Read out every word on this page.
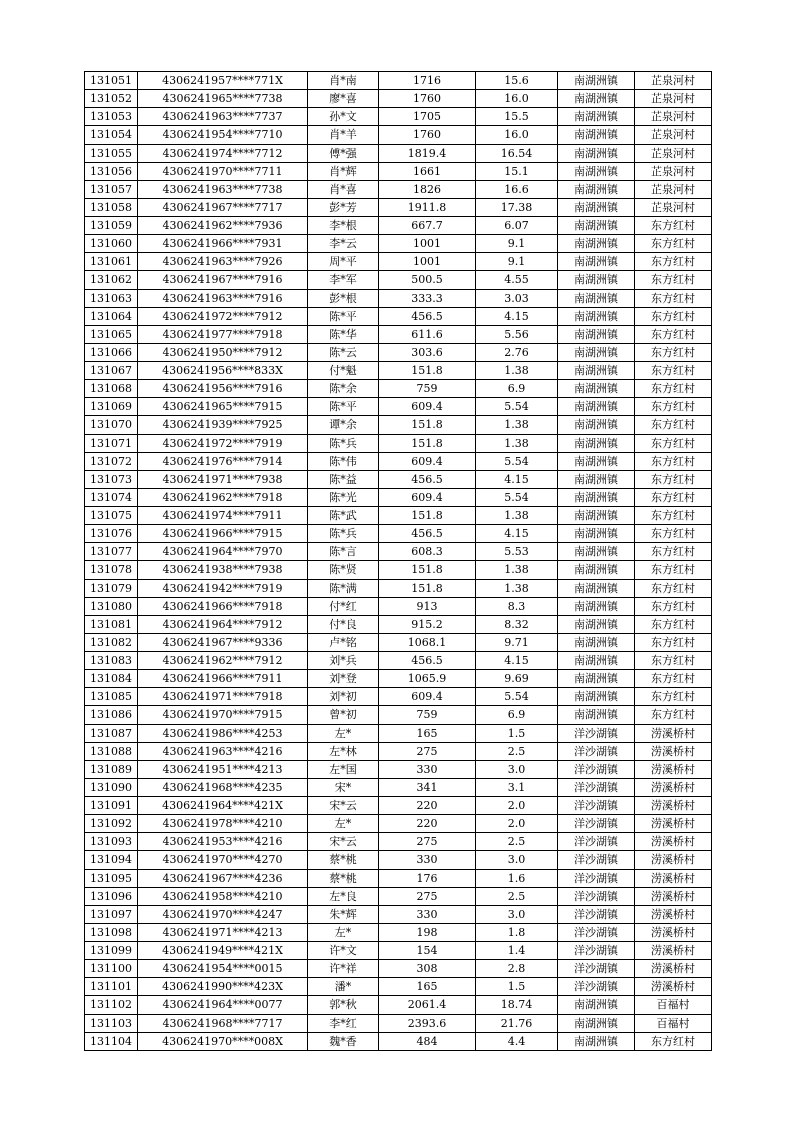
131051	4306241957****771X	肖*南	1716	15.6	南湖洲镇	芷泉河村
131052	4306241965****7738	廖*喜	1760	16.0	南湖洲镇	芷泉河村
131053	4306241963****7737	孙*文	1705	15.5	南湖洲镇	芷泉河村
131054	4306241954****7710	肖*羊	1760	16.0	南湖洲镇	芷泉河村
131055	4306241974****7712	傅*强	1819.4	16.54	南湖洲镇	芷泉河村
131056	4306241970****7711	肖*辉	1661	15.1	南湖洲镇	芷泉河村
131057	4306241963****7738	肖*喜	1826	16.6	南湖洲镇	芷泉河村
131058	4306241967****7717	彭*芳	1911.8	17.38	南湖洲镇	芷泉河村
131059	4306241962****7936	李*根	667.7	6.07	南湖洲镇	东方红村
131060	4306241966****7931	李*云	1001	9.1	南湖洲镇	东方红村
131061	4306241963****7926	周*平	1001	9.1	南湖洲镇	东方红村
131062	4306241967****7916	李*军	500.5	4.55	南湖洲镇	东方红村
131063	4306241963****7916	彭*根	333.3	3.03	南湖洲镇	东方红村
131064	4306241972****7912	陈*平	456.5	4.15	南湖洲镇	东方红村
131065	4306241977****7918	陈*华	611.6	5.56	南湖洲镇	东方红村
131066	4306241950****7912	陈*云	303.6	2.76	南湖洲镇	东方红村
131067	4306241956****833X	付*魁	151.8	1.38	南湖洲镇	东方红村
131068	4306241956****7916	陈*余	759	6.9	南湖洲镇	东方红村
131069	4306241965****7915	陈*平	609.4	5.54	南湖洲镇	东方红村
131070	4306241939****7925	谭*余	151.8	1.38	南湖洲镇	东方红村
131071	4306241972****7919	陈*兵	151.8	1.38	南湖洲镇	东方红村
131072	4306241976****7914	陈*伟	609.4	5.54	南湖洲镇	东方红村
131073	4306241971****7938	陈*益	456.5	4.15	南湖洲镇	东方红村
131074	4306241962****7918	陈*光	609.4	5.54	南湖洲镇	东方红村
131075	4306241974****7911	陈*武	151.8	1.38	南湖洲镇	东方红村
131076	4306241966****7915	陈*兵	456.5	4.15	南湖洲镇	东方红村
131077	4306241964****7970	陈*言	608.3	5.53	南湖洲镇	东方红村
131078	4306241938****7938	陈*贤	151.8	1.38	南湖洲镇	东方红村
131079	4306241942****7919	陈*满	151.8	1.38	南湖洲镇	东方红村
131080	4306241966****7918	付*红	913	8.3	南湖洲镇	东方红村
131081	4306241964****7912	付*良	915.2	8.32	南湖洲镇	东方红村
131082	4306241967****9336	卢*铭	1068.1	9.71	南湖洲镇	东方红村
131083	4306241962****7912	刘*兵	456.5	4.15	南湖洲镇	东方红村
131084	4306241966****7911	刘*登	1065.9	9.69	南湖洲镇	东方红村
131085	4306241971****7918	刘*初	609.4	5.54	南湖洲镇	东方红村
131086	4306241970****7915	曾*初	759	6.9	南湖洲镇	东方红村
131087	4306241986****4253	左*	165	1.5	洋沙湖镇	涝溪桥村
131088	4306241963****4216	左*林	275	2.5	洋沙湖镇	涝溪桥村
131089	4306241951****4213	左*国	330	3.0	洋沙湖镇	涝溪桥村
131090	4306241968****4235	宋*	341	3.1	洋沙湖镇	涝溪桥村
131091	4306241964****421X	宋*云	220	2.0	洋沙湖镇	涝溪桥村
131092	4306241978****4210	左*	220	2.0	洋沙湖镇	涝溪桥村
131093	4306241953****4216	宋*云	275	2.5	洋沙湖镇	涝溪桥村
131094	4306241970****4270	蔡*桃	330	3.0	洋沙湖镇	涝溪桥村
131095	4306241967****4236	蔡*桃	176	1.6	洋沙湖镇	涝溪桥村
131096	4306241958****4210	左*良	275	2.5	洋沙湖镇	涝溪桥村
131097	4306241970****4247	朱*辉	330	3.0	洋沙湖镇	涝溪桥村
131098	4306241971****4213	左*	198	1.8	洋沙湖镇	涝溪桥村
131099	4306241949****421X	许*文	154	1.4	洋沙湖镇	涝溪桥村
131100	4306241954****0015	许*祥	308	2.8	洋沙湖镇	涝溪桥村
131101	4306241990****423X	潘*	165	1.5	洋沙湖镇	涝溪桥村
131102	4306241964****0077	郭*秋	2061.4	18.74	南湖洲镇	百福村
131103	4306241968****7717	李*红	2393.6	21.76	南湖洲镇	百福村
131104	4306241970****008X	魏*香	484	4.4	南湖洲镇	东方红村
